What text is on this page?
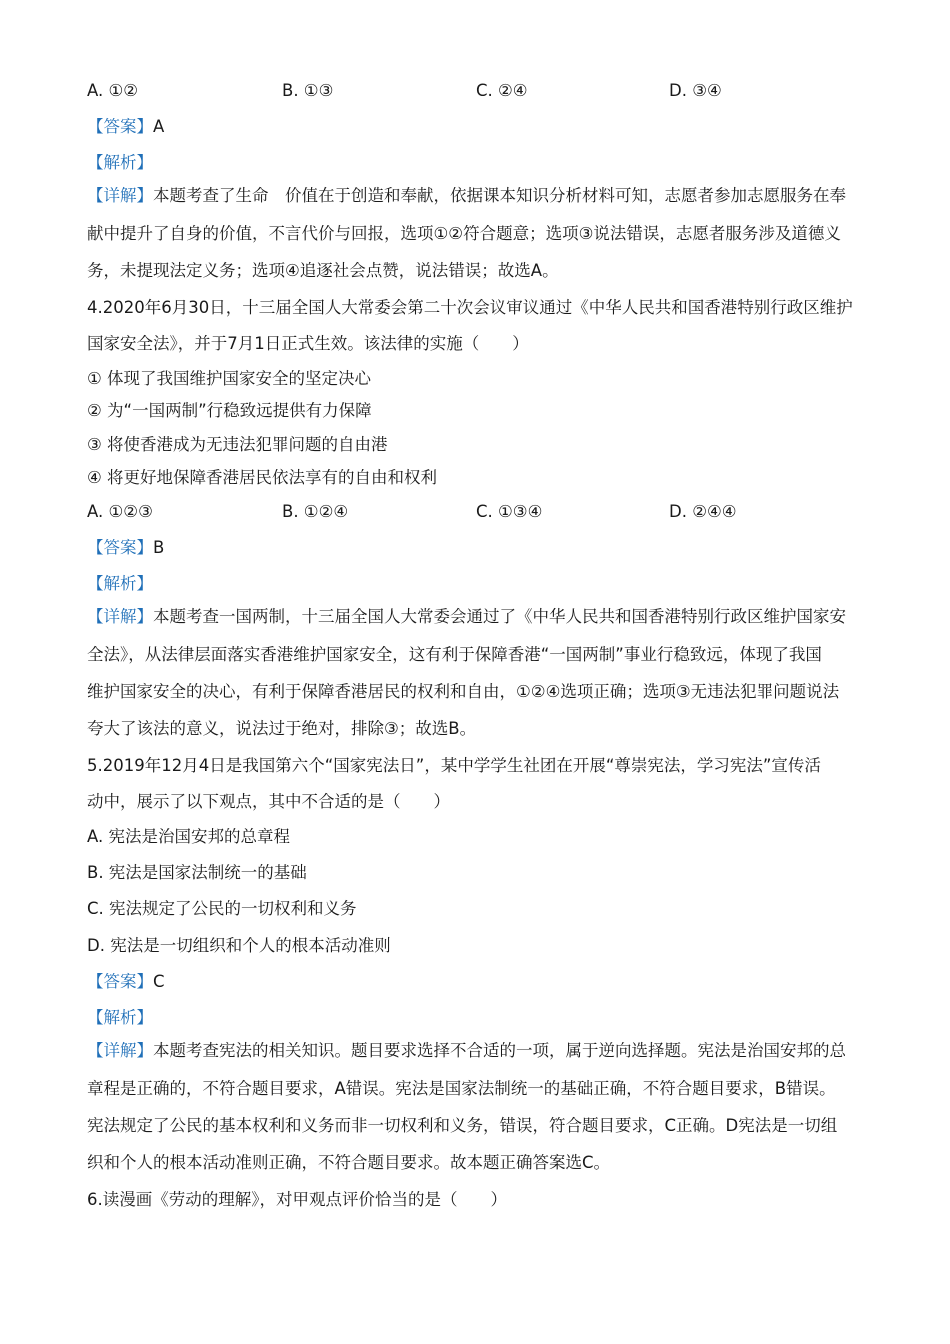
A. ①②	B. ①③	C. ②④	D. ③④
【答案】A
【解析】
【详解】本题考查了生命　价值在于创造和奉献，依据课本知识分析材料可知，志愿者参加志愿服务在奉
献中提升了自身的价值，不言代价与回报，选项①②符合题意；选项③说法错误，志愿者服务涉及道德义
务，未提现法定义务；选项④追逐社会点赞，说法错误；故选A。
4.2020年6月30日，十三届全国人大常委会第二十次会议审议通过《中华人民共和国香港特别行政区维护
国家安全法》，并于7月1日正式生效。该法律的实施（　　）
① 体现了我国维护国家安全的坚定决心
② 为“一国两制”行稳致远提供有力保障
③ 将使香港成为无违法犯罪问题的自由港
④ 将更好地保障香港居民依法享有的自由和权利
A. ①②③	B. ①②④	C. ①③④	D. ②④④
【答案】B
【解析】
【详解】本题考查一国两制，十三届全国人大常委会通过了《中华人民共和国香港特别行政区维护国家安
全法》，从法律层面落实香港维护国家安全，这有利于保障香港“一国两制”事业行稳致远，体现了我国
维护国家安全的决心，有利于保障香港居民的权利和自由，①②④选项正确；选项③无违法犯罪问题说法
夸大了该法的意义，说法过于绝对，排除③；故选B。
5.2019年12月4日是我国第六个“国家宪法日”，某中学学生社团在开展“尊崇宪法，学习宪法”宣传活
动中，展示了以下观点，其中不合适的是（　　）
A. 宪法是治国安邦的总章程
B. 宪法是国家法制统一的基础
C. 宪法规定了公民的一切权利和义务
D. 宪法是一切组织和个人的根本活动准则
【答案】C
【解析】
【详解】本题考查宪法的相关知识。题目要求选择不合适的一项，属于逆向选择题。宪法是治国安邦的总
章程是正确的，不符合题目要求，A错误。宪法是国家法制统一的基础正确，不符合题目要求，B错误。
宪法规定了公民的基本权利和义务而非一切权利和义务，错误，符合题目要求，C正确。D宪法是一切组
织和个人的根本活动准则正确，不符合题目要求。故本题正确答案选C。
6.读漫画《劳动的理解》，对甲观点评价恰当的是（　　）
